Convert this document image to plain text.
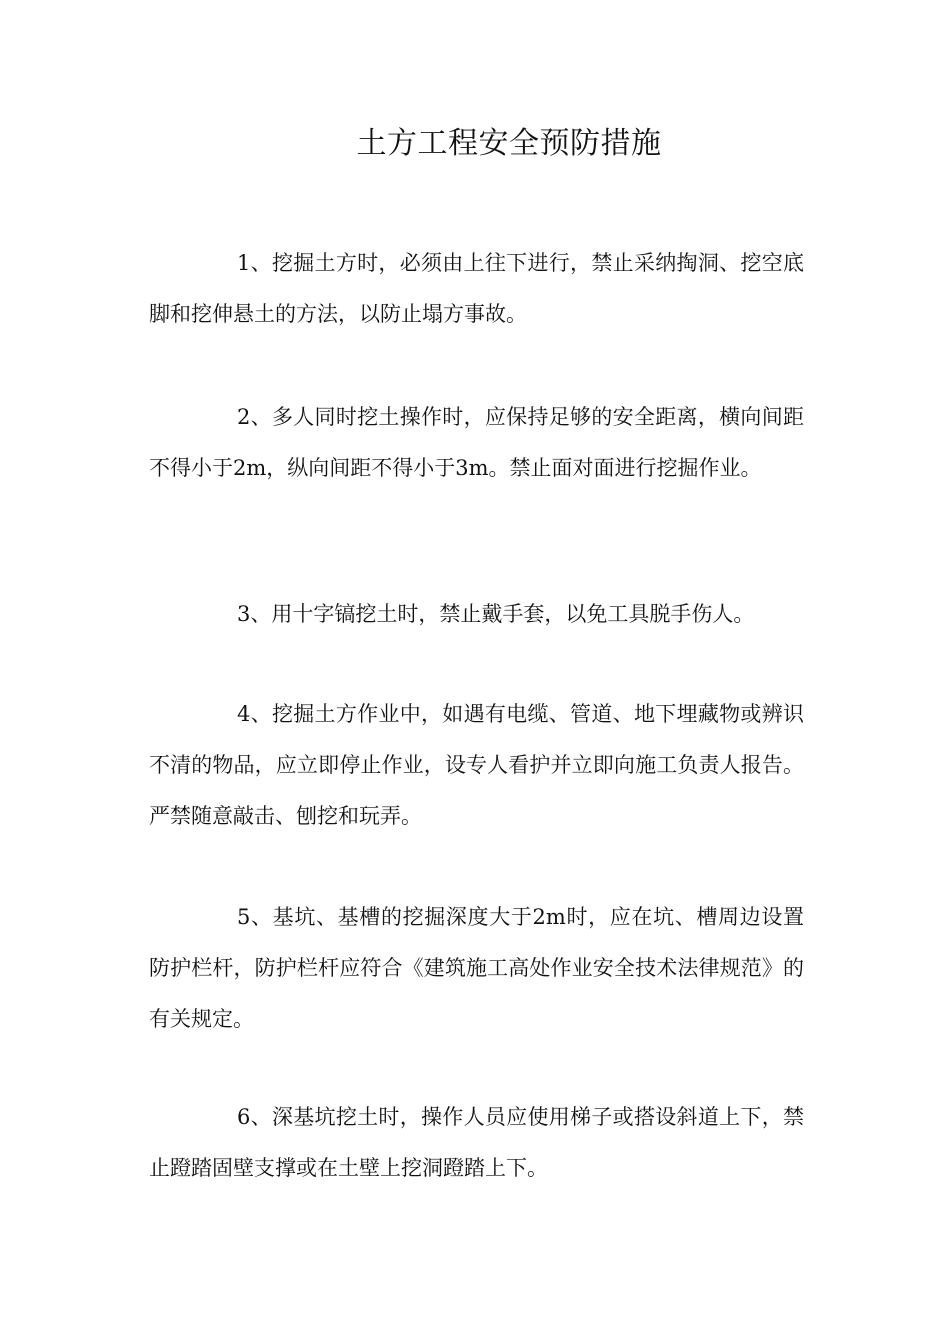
土方工程安全预防措施

1、挖掘土方时，必须由上往下进行，禁止采纳掏洞、挖空底脚和挖伸悬土的方法，以防止塌方事故。

2、多人同时挖土操作时，应保持足够的安全距离，横向间距不得小于2m，纵向间距不得小于3m。禁止面对面进行挖掘作业。

3、用十字镐挖土时，禁止戴手套，以免工具脱手伤人。

4、挖掘土方作业中，如遇有电缆、管道、地下埋藏物或辨识不清的物品，应立即停止作业，设专人看护并立即向施工负责人报告。严禁随意敲击、刨挖和玩弄。

5、基坑、基槽的挖掘深度大于2m时，应在坑、槽周边设置防护栏杆，防护栏杆应符合《建筑施工高处作业安全技术法律规范》的有关规定。

6、深基坑挖土时，操作人员应使用梯子或搭设斜道上下，禁止蹬踏固壁支撑或在土壁上挖洞蹬踏上下。
